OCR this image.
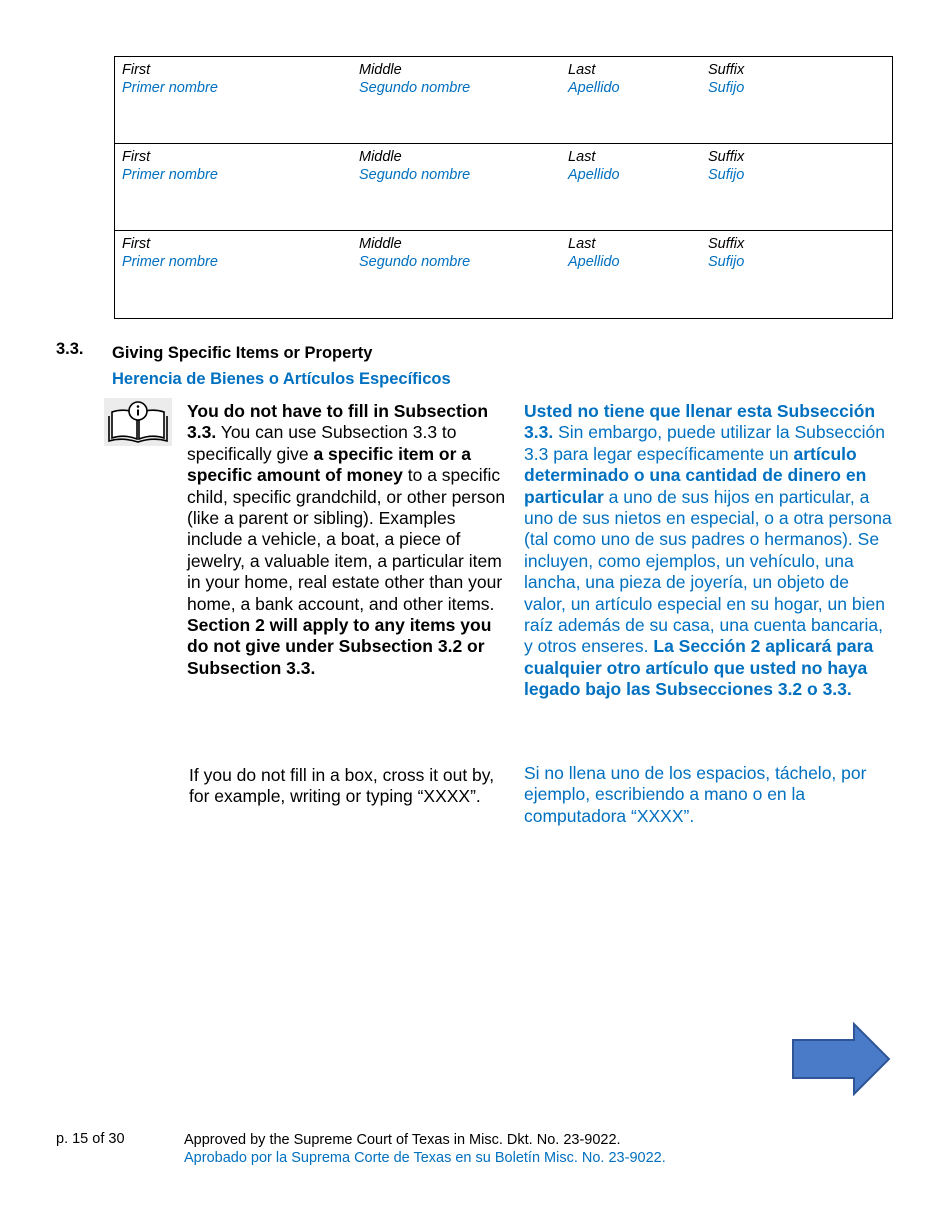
First
Primer nombre
Middle
Segundo nombre
Last
Apellido
Suffix
Sufijo
First
Primer nombre
Middle
Segundo nombre
Last
Apellido
Suffix
Sufijo
First
Primer nombre
Middle
Segundo nombre
Last
Apellido
Suffix
Sufijo
3.3. Giving Specific Items or Property
Herencia de Bienes o Artículos Específicos
You do not have to fill in Subsection 3.3. You can use Subsection 3.3 to specifically give a specific item or a specific amount of money to a specific child, specific grandchild, or other person (like a parent or sibling). Examples include a vehicle, a boat, a piece of jewelry, a valuable item, a particular item in your home, real estate other than your home, a bank account, and other items. Section 2 will apply to any items you do not give under Subsection 3.2 or Subsection 3.3.
Usted no tiene que llenar esta Subsección 3.3. Sin embargo, puede utilizar la Subsección 3.3 para legar específicamente un artículo determinado o una cantidad de dinero en particular a uno de sus hijos en particular, a uno de sus nietos en especial, o a otra persona (tal como uno de sus padres o hermanos). Se incluyen, como ejemplos, un vehículo, una lancha, una pieza de joyería, un objeto de valor, un artículo especial en su hogar, un bien raíz además de su casa, una cuenta bancaria, y otros enseres. La Sección 2 aplicará para cualquier otro artículo que usted no haya legado bajo las Subsecciones 3.2 o 3.3.
If you do not fill in a box, cross it out by, for example, writing or typing “XXXX”.
Si no llena uno de los espacios, táchelo, por ejemplo, escribiendo a mano o en la computadora “XXXX”.
p. 15 of 30	Approved by the Supreme Court of Texas in Misc. Dkt. No. 23-9022.
Aprobado por la Suprema Corte de Texas en su Boletín Misc. No. 23-9022.
